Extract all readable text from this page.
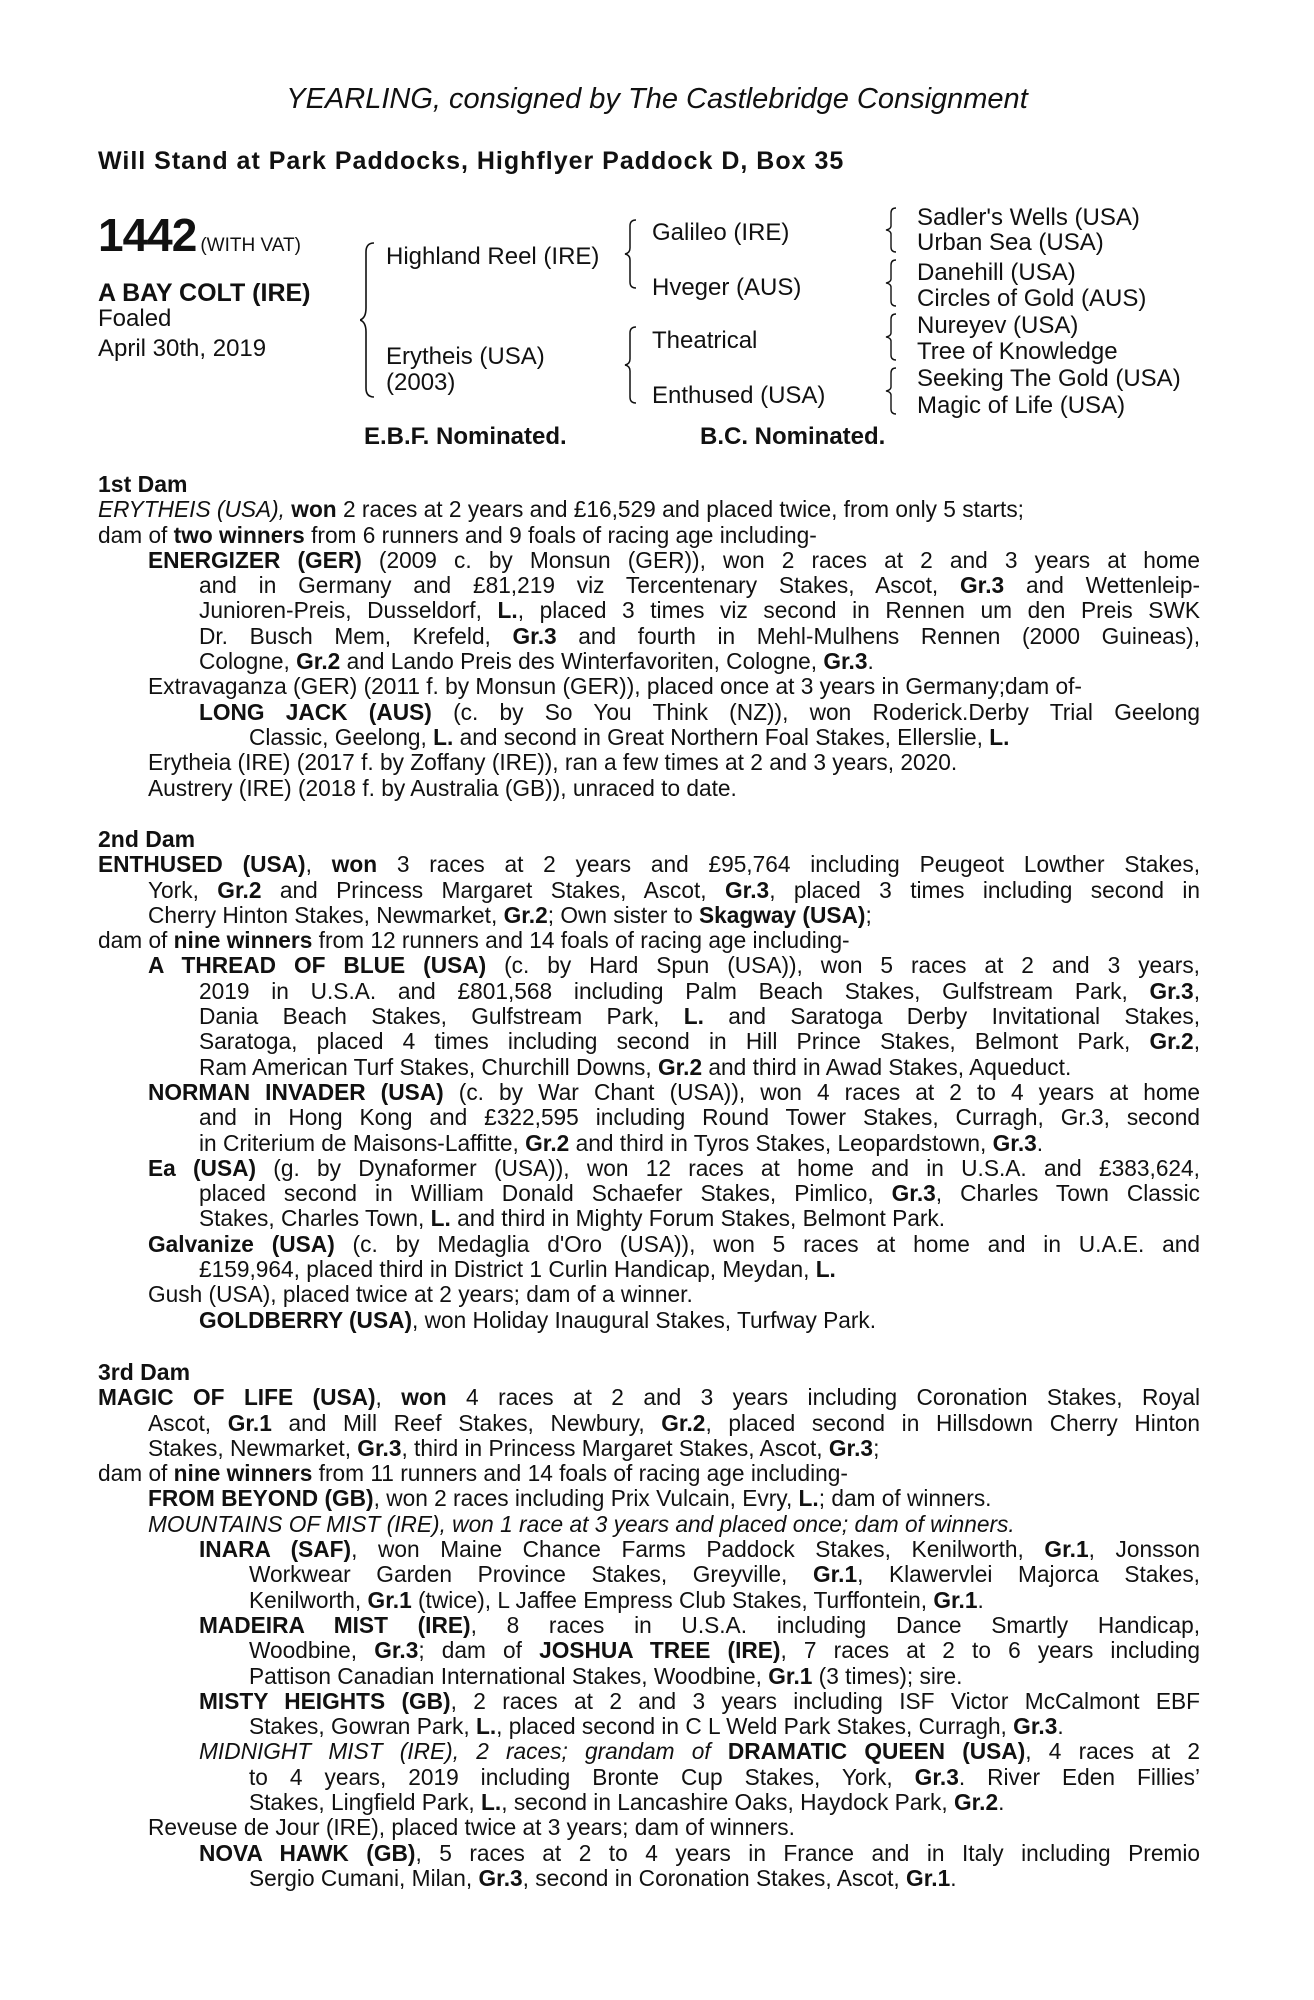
YEARLING, consigned by The Castlebridge Consignment
Will Stand at Park Paddocks, Highflyer Paddock D, Box 35
1442 (WITH VAT)
A BAY COLT (IRE)
Foaled
April 30th, 2019
Highland Reel (IRE)
Erytheis (USA)
(2003)
Galileo (IRE)
Hveger (AUS)
Theatrical
Enthused (USA)
Sadler's Wells (USA)
Urban Sea (USA)
Danehill (USA)
Circles of Gold (AUS)
Nureyev (USA)
Tree of Knowledge
Seeking The Gold (USA)
Magic of Life (USA)
E.B.F. Nominated.	B.C. Nominated.
1st Dam
ERYTHEIS (USA), won 2 races at 2 years and £16,529 and placed twice, from only 5 starts;
dam of two winners from 6 runners and 9 foals of racing age including-
ENERGIZER (GER) (2009 c. by Monsun (GER)), won 2 races at 2 and 3 years at home
and in Germany and £81,219 viz Tercentenary Stakes, Ascot, Gr.3 and Wettenleip-
Junioren-Preis, Dusseldorf, L., placed 3 times viz second in Rennen um den Preis SWK
Dr. Busch Mem, Krefeld, Gr.3 and fourth in Mehl-Mulhens Rennen (2000 Guineas),
Cologne, Gr.2 and Lando Preis des Winterfavoriten, Cologne, Gr.3.
Extravaganza (GER) (2011 f. by Monsun (GER)), placed once at 3 years in Germany;dam of-
LONG JACK (AUS) (c. by So You Think (NZ)), won Roderick.Derby Trial Geelong
Classic, Geelong, L. and second in Great Northern Foal Stakes, Ellerslie, L.
Erytheia (IRE) (2017 f. by Zoffany (IRE)), ran a few times at 2 and 3 years, 2020.
Austrery (IRE) (2018 f. by Australia (GB)), unraced to date.
2nd Dam
ENTHUSED (USA), won 3 races at 2 years and £95,764 including Peugeot Lowther Stakes,
York, Gr.2 and Princess Margaret Stakes, Ascot, Gr.3, placed 3 times including second in
Cherry Hinton Stakes, Newmarket, Gr.2; Own sister to Skagway (USA);
dam of nine winners from 12 runners and 14 foals of racing age including-
A THREAD OF BLUE (USA) (c. by Hard Spun (USA)), won 5 races at 2 and 3 years,
2019 in U.S.A. and £801,568 including Palm Beach Stakes, Gulfstream Park, Gr.3,
Dania Beach Stakes, Gulfstream Park, L. and Saratoga Derby Invitational Stakes,
Saratoga, placed 4 times including second in Hill Prince Stakes, Belmont Park, Gr.2,
Ram American Turf Stakes, Churchill Downs, Gr.2 and third in Awad Stakes, Aqueduct.
NORMAN INVADER (USA) (c. by War Chant (USA)), won 4 races at 2 to 4 years at home
and in Hong Kong and £322,595 including Round Tower Stakes, Curragh, Gr.3, second
in Criterium de Maisons-Laffitte, Gr.2 and third in Tyros Stakes, Leopardstown, Gr.3.
Ea (USA) (g. by Dynaformer (USA)), won 12 races at home and in U.S.A. and £383,624,
placed second in William Donald Schaefer Stakes, Pimlico, Gr.3, Charles Town Classic
Stakes, Charles Town, L. and third in Mighty Forum Stakes, Belmont Park.
Galvanize (USA) (c. by Medaglia d'Oro (USA)), won 5 races at home and in U.A.E. and
£159,964, placed third in District 1 Curlin Handicap, Meydan, L.
Gush (USA), placed twice at 2 years; dam of a winner.
GOLDBERRY (USA), won Holiday Inaugural Stakes, Turfway Park.
3rd Dam
MAGIC OF LIFE (USA), won 4 races at 2 and 3 years including Coronation Stakes, Royal
Ascot, Gr.1 and Mill Reef Stakes, Newbury, Gr.2, placed second in Hillsdown Cherry Hinton
Stakes, Newmarket, Gr.3, third in Princess Margaret Stakes, Ascot, Gr.3;
dam of nine winners from 11 runners and 14 foals of racing age including-
FROM BEYOND (GB), won 2 races including Prix Vulcain, Evry, L.; dam of winners.
MOUNTAINS OF MIST (IRE), won 1 race at 3 years and placed once; dam of winners.
INARA (SAF), won Maine Chance Farms Paddock Stakes, Kenilworth, Gr.1, Jonsson
Workwear Garden Province Stakes, Greyville, Gr.1, Klawervlei Majorca Stakes,
Kenilworth, Gr.1 (twice), L Jaffee Empress Club Stakes, Turffontein, Gr.1.
MADEIRA MIST (IRE), 8 races in U.S.A. including Dance Smartly Handicap,
Woodbine, Gr.3; dam of JOSHUA TREE (IRE), 7 races at 2 to 6 years including
Pattison Canadian International Stakes, Woodbine, Gr.1 (3 times); sire.
MISTY HEIGHTS (GB), 2 races at 2 and 3 years including ISF Victor McCalmont EBF
Stakes, Gowran Park, L., placed second in C L Weld Park Stakes, Curragh, Gr.3.
MIDNIGHT MIST (IRE), 2 races; grandam of DRAMATIC QUEEN (USA), 4 races at 2
to 4 years, 2019 including Bronte Cup Stakes, York, Gr.3. River Eden Fillies’
Stakes, Lingfield Park, L., second in Lancashire Oaks, Haydock Park, Gr.2.
Reveuse de Jour (IRE), placed twice at 3 years; dam of winners.
NOVA HAWK (GB), 5 races at 2 to 4 years in France and in Italy including Premio
Sergio Cumani, Milan, Gr.3, second in Coronation Stakes, Ascot, Gr.1.
